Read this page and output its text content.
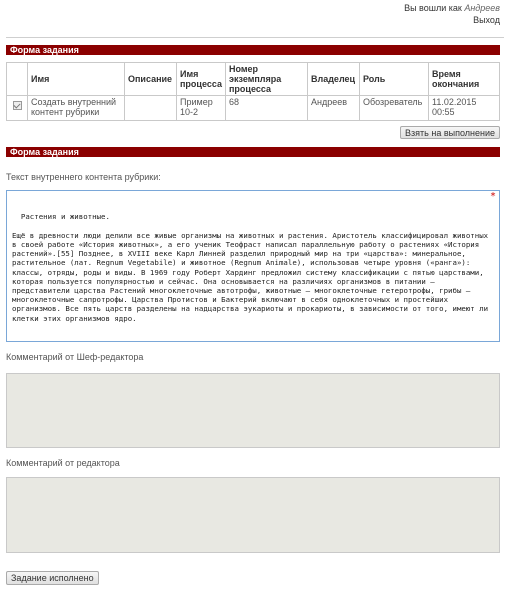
Вы вошли как Андреев
Выход
Форма задания
	Имя	Описание	Имя процесса	Номер экземпляра процесса	Владелец	Роль	Время окончания
	Создать внутренний контент рубрики		Пример 10-2	68	Андреев	Обозреватель	11.02.2015 00:55
Взять на выполнение
Форма задания
Текст внутреннего контента рубрики:

*

Растения и животные.

Ещё в древности люди делили все живые организмы на животных и растения. Аристотель классифицировал животных в своей работе «История животных», а его ученик Теофраст написал параллельную работу о растениях «История растений».[55] Позднее, в XVIII веке Карл Линней разделил природный мир на три «царства»: минеральное, растительное (лат. Regnum Vegetabile) и животное (Regnum Animale), использовав четыре уровня («ранга»): классы, отряды, роды и виды. В 1969 году Роберт Хардинг предложил систему классификации с пятью царствами, которая пользуется популярностью и сейчас. Она основывается на различиях организмов в питании — представители царства Растений многоклеточные автотрофы, животные — многоклеточные гетеротрофы, грибы — многоклеточные сапротрофы. Царства Протистов и Бактерий включают в себя одноклеточных и простейших организмов. Все пять царств разделены на надцарства эукариоты и прокариоты, в зависимости от того, имеют ли клетки этих организмов ядро.

Комментарий от Шеф-редактора
Комментарий от редактора
Задание исполнено
